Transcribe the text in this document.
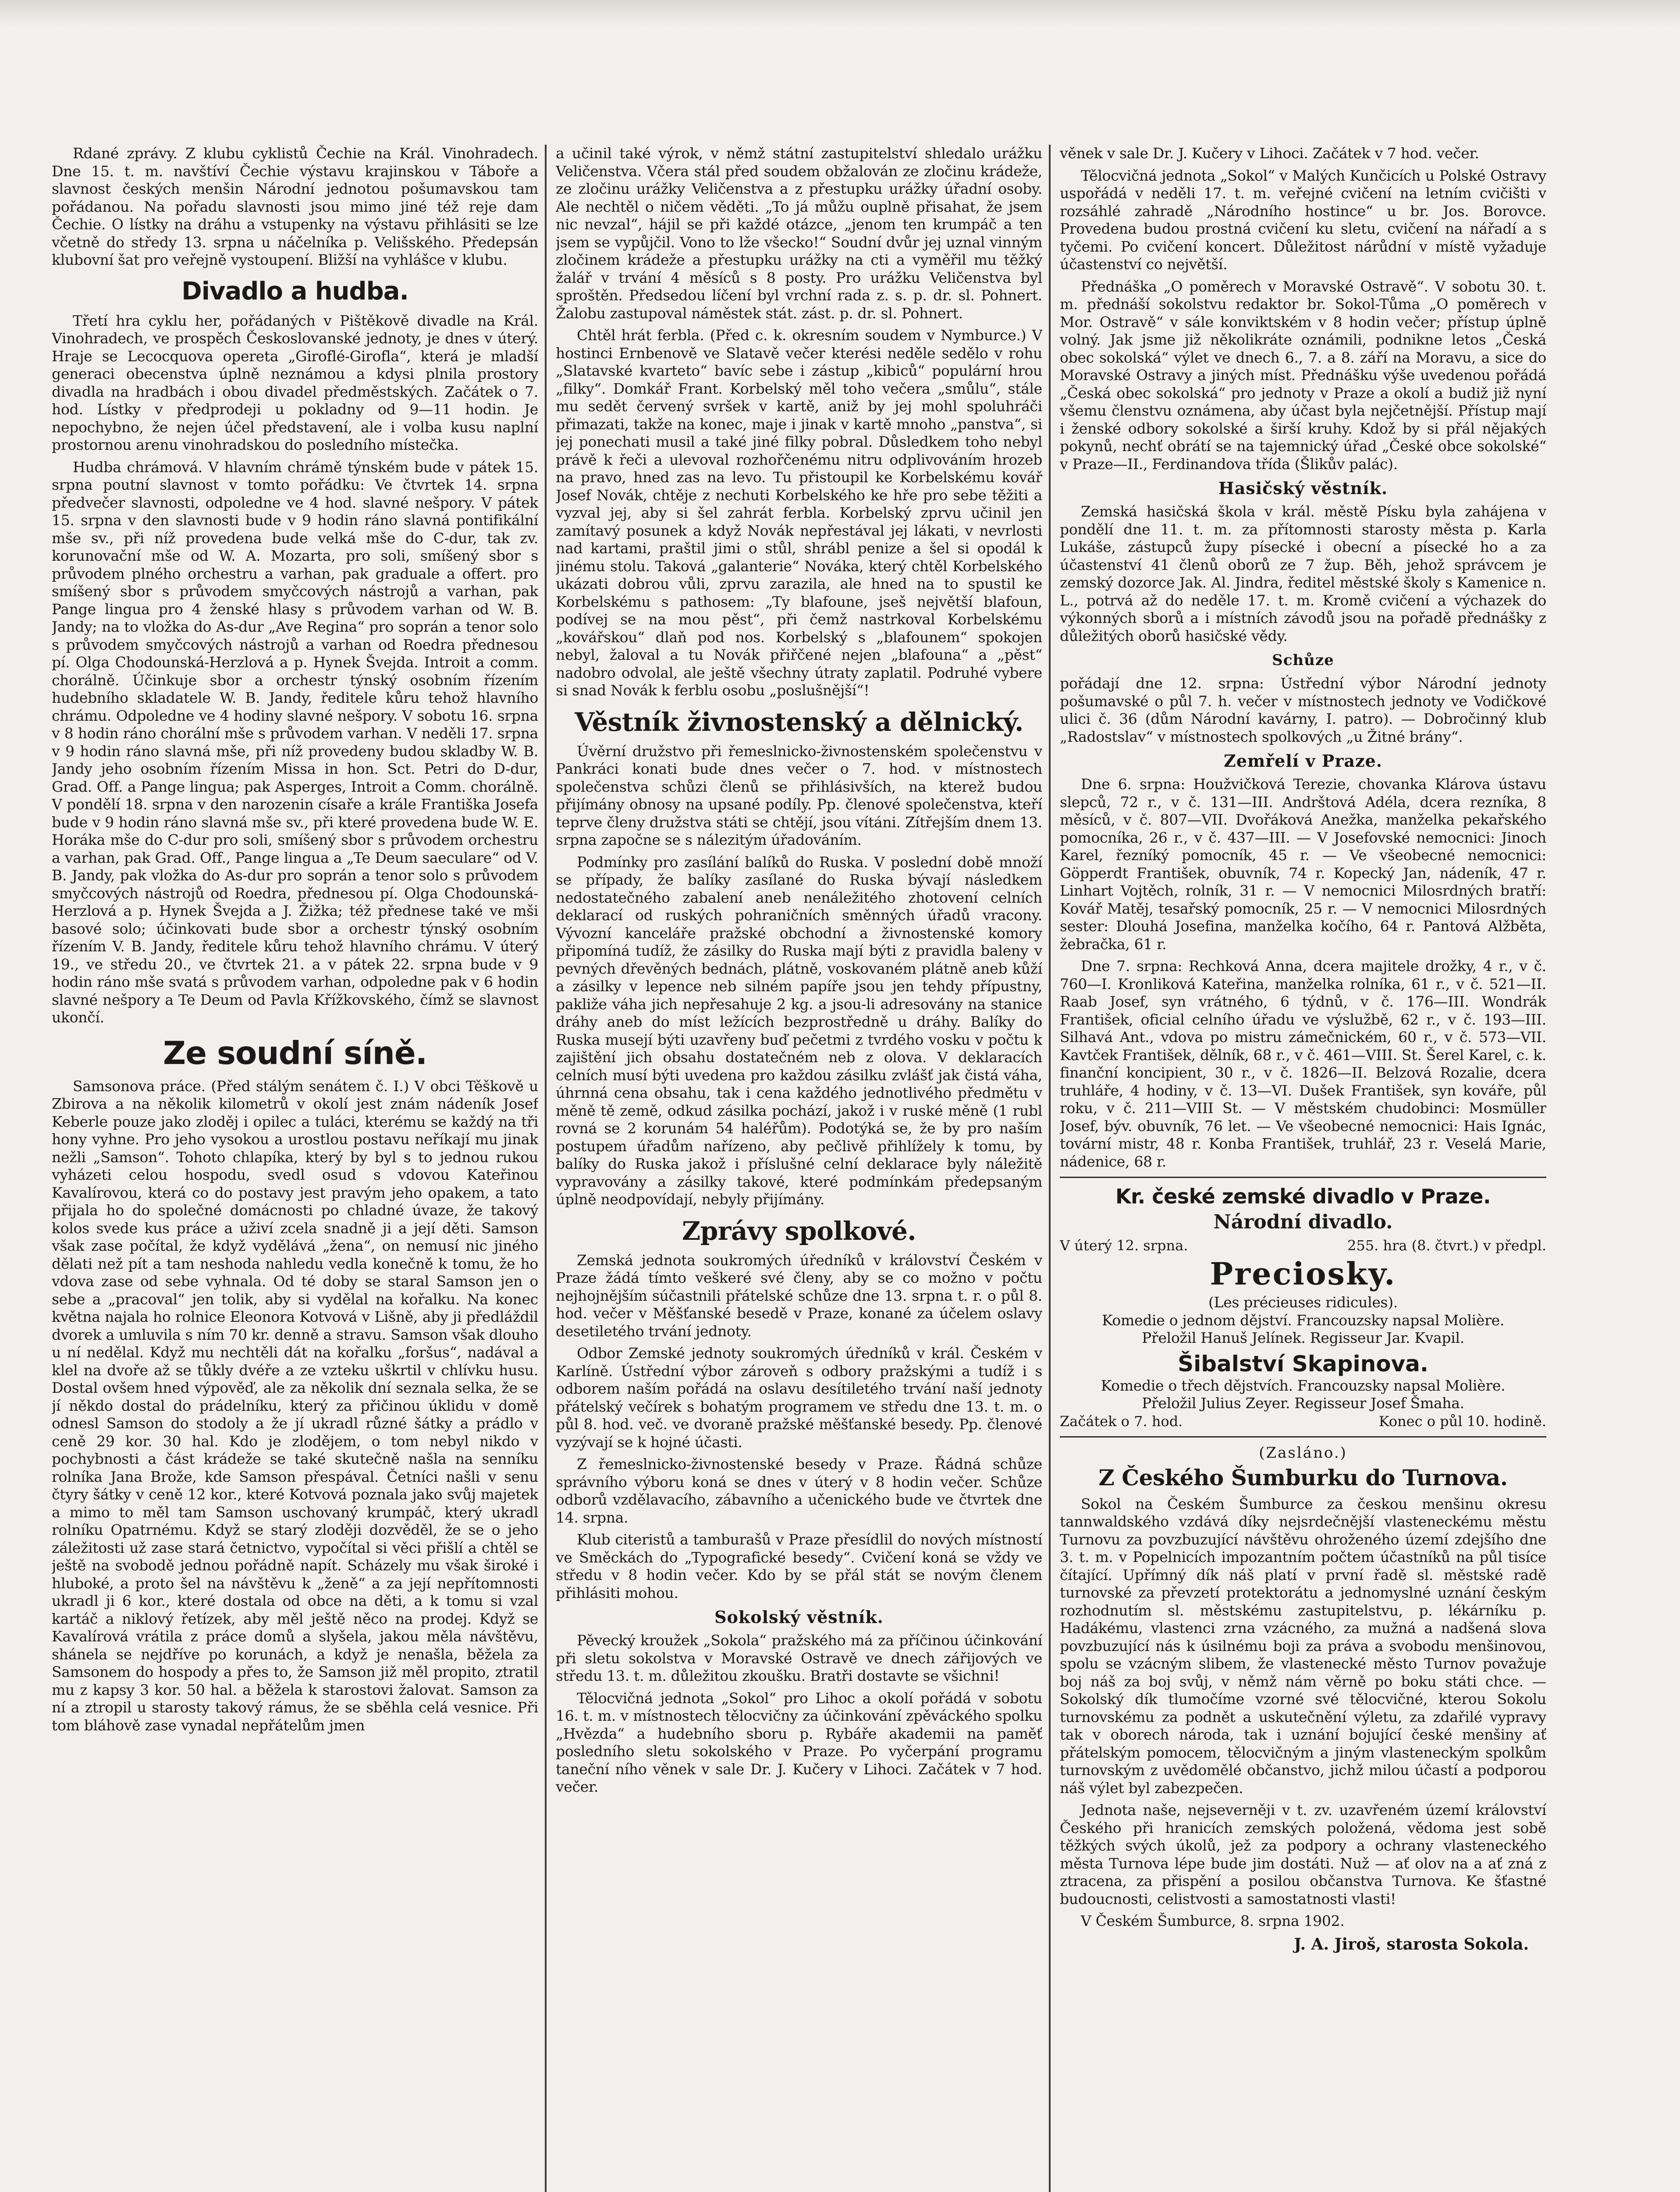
Rdané zprávy. Z klubu cyklistů Čechie na Král. Vinohradech. Dne 15. t. m. navštíví Čechie výstavu krajinskou v Táboře a slavnost českých menšin Národní jednotou pošumavskou tam pořádanou. Na pořadu slavnosti jsou mimo jiné též reje dam Čechie. O lístky na dráhu a vstupenky na výstavu přihlásiti se lze včetně do středy 13. srpna u náčelníka p. Velišského. Předepsán klubovní šat pro veřejně vystoupení. Bližší na vyhlášce v klubu.

Divadlo a hudba.

Třetí hra cyklu her, pořádaných v Pištěkově divadle na Král. Vinohradech, ve prospěch Českoslovanské jednoty, je dnes v úterý. Hraje se Lecocquova opereta „Giroflé-Girofla“, která je mladší generaci obecenstva úplně neznámou a kdysi plnila prostory divadla na hradbách i obou divadel předměstských. Začátek o 7. hod. Lístky v předprodeji u pokladny od 9—11 hodin. Je nepochybno, že nejen účel představení, ale i volba kusu naplní prostornou arenu vinohradskou do posledního místečka.

Hudba chrámová. V hlavním chrámě týnském bude v pátek 15. srpna poutní slavnost v tomto pořádku: Ve čtvrtek 14. srpna předvečer slavnosti, odpoledne ve 4 hod. slavné nešpory. V pátek 15. srpna v den slavnosti bude v 9 hodin ráno slavná pontifikální mše sv., při níž provedena bude velká mše do C-dur, tak zv. korunovační mše od W. A. Mozarta, pro soli, smíšený sbor s průvodem plného orchestru a varhan, pak graduale a offert. pro smíšený sbor s průvodem smyčcových nástrojů a varhan, pak Pange lingua pro 4 ženské hlasy s průvodem varhan od W. B. Jandy; na to vložka do As-dur „Ave Regina“ pro soprán a tenor solo s průvodem smyčcových nástrojů a varhan od Roedra přednesou pí. Olga Chodounská-Herzlová a p. Hynek Švejda. Introit a comm. chorálně. Účinkuje sbor a orchestr týnský osobním řízením hudebního skladatele W. B. Jandy, ředitele kůru tehož hlavního chrámu. Odpoledne ve 4 hodiny slavné nešpory. V sobotu 16. srpna v 8 hodin ráno chorální mše s průvodem varhan. V neděli 17. srpna v 9 hodin ráno slavná mše, při níž provedeny budou skladby W. B. Jandy jeho osobním řízením Missa in hon. Sct. Petri do D-dur, Grad. Off. a Pange lingua; pak Asperges, Introit a Comm. chorálně. V pondělí 18. srpna v den narozenin císaře a krále Františka Josefa bude v 9 hodin ráno slavná mše sv., při které provedena bude W. E. Horáka mše do C-dur pro soli, smíšený sbor s průvodem orchestru a varhan, pak Grad. Off., Pange lingua a „Te Deum saeculare“ od V. B. Jandy, pak vložka do As-dur pro soprán a tenor solo s průvodem smyčcových nástrojů od Roedra, přednesou pí. Olga Chodounská-Herzlová a p. Hynek Švejda a J. Žižka; též přednese také ve mši basové solo; účinkovati bude sbor a orchestr týnský osobním řízením V. B. Jandy, ředitele kůru tehož hlavního chrámu. V úterý 19., ve středu 20., ve čtvrtek 21. a v pátek 22. srpna bude v 9 hodin ráno mše svatá s průvodem varhan, odpoledne pak v 6 hodin slavné nešpory a Te Deum od Pavla Křížkovského, čímž se slavnost ukončí.

Ze soudní síně.

Samsonova práce. (Před stálým senátem č. I.) V obci Těškově u Zbirova a na několik kilometrů v okolí jest znám nádeník Josef Keberle pouze jako zloděj i opilec a tuláci, kterému se každý na tři hony vyhne. Pro jeho vysokou a urostlou postavu neříkají mu jinak nežli „Samson“. Tohoto chlapíka, který by byl s to jednou rukou vyházeti celou hospodu, svedl osud s vdovou Kateřinou Kavalírovou, která co do postavy jest pravým jeho opakem, a tato přijala ho do společné domácnosti po chladné úvaze, že takový kolos svede kus práce a uživí zcela snadně ji a její děti. Samson však zase počítal, že když vydělává „žena“, on nemusí nic jiného dělati než pít a tam neshoda nahledu vedla konečně k tomu, že ho vdova zase od sebe vyhnala. Od té doby se staral Samson jen o sebe a „pracoval“ jen tolik, aby si vydělal na kořalku. Na konec května najala ho rolnice Eleonora Kotvová v Lišně, aby ji předláždil dvorek a umluvila s ním 70 kr. denně a stravu. Samson však dlouho u ní nedělal. Když mu nechtěli dát na kořalku „foršus“, nadával a klel na dvoře až se tůkly dvéře a ze vzteku uškrtil v chlívku husu. Dostal ovšem hned výpověď, ale za několik dní seznala selka, že se jí někdo dostal do prádelníku, který za přičinou úklidu v domě odnesl Samson do stodoly a že jí ukradl různé šátky a prádlo v ceně 29 kor. 30 hal. Kdo je zlodějem, o tom nebyl nikdo v pochybnosti a část krádeže se také skutečně našla na senníku rolníka Jana Brože, kde Samson přespával. Četníci našli v senu čtyry šátky v ceně 12 kor., které Kotvová poznala jako svůj majetek a mimo to měl tam Samson uschovaný krumpáč, který ukradl rolníku Opatrnému. Když se starý zloději dozvěděl, že se o jeho záležitosti už zase stará četnictvo, vypočítal si věci přišlí a chtěl se ještě na svobodě jednou pořádně napít. Scházely mu však široké i hluboké, a proto šel na návštěvu k „ženě“ a za její nepřítomnosti ukradl ji 6 kor., které dostala od obce na děti, a k tomu si vzal kartáč a niklový řetízek, aby měl ještě něco na prodej. Když se Kavalírová vrátila z práce domů a slyšela, jakou měla návštěvu, shánela se nejdříve po korunách, a když je nenašla, běžela za Samsonem do hospody a přes to, že Samson již měl propito, ztratil mu z kapsy 3 kor. 50 hal. a běžela k starostovi žalovat. Samson za ní a ztropil u starosty takový rámus, že se sběhla celá vesnice. Při tom bláhově zase vynadal nepřátelům jmen

a učinil také výrok, v němž státní zastupitelství shledalo urážku Veličenstva. Včera stál před soudem obžalován ze zločinu krádeže, ze zločinu urážky Veličenstva a z přestupku urážky úřadní osoby. Ale nechtěl o ničem věděti. „To já můžu ouplně přisahat, že jsem nic nevzal“, hájil se při každé otázce, „jenom ten krumpáč a ten jsem se vypůjčil. Vono to lže všecko!“ Soudní dvůr jej uznal vinným zločinem krádeže a přestupku urážky na cti a vyměřil mu těžký žalář v trvání 4 měsíců s 8 posty. Pro urážku Veličenstva byl sproštěn. Předsedou líčení byl vrchní rada z. s. p. dr. sl. Pohnert. Žalobu zastupoval náměstek stát. zást. p. dr. sl. Pohnert.

Chtěl hrát ferbla. (Před c. k. okresním soudem v Nymburce.) V hostinci Ernbenově ve Slatavě večer kterési neděle sedělo v rohu „Slatavské kvarteto“ bavíc sebe i zástup „kibiců“ populární hrou „filky“. Domkář Frant. Korbelský měl toho večera „smůlu“, stále mu sedět červený svršek v kartě, aniž by jej mohl spoluhráči přimazati, takže na konec, maje i jinak v kartě mnoho „panstva“, si jej ponechati musil a také jiné filky pobral. Důsledkem toho nebyl právě k řeči a ulevoval rozhořčenému nitru odplivováním hrozeb na pravo, hned zas na levo. Tu přistoupil ke Korbelskému kovář Josef Novák, chtěje z nechuti Korbelského ke hře pro sebe těžiti a vyzval jej, aby si šel zahrát ferbla. Korbelský zprvu učinil jen zamítavý posunek a když Novák nepřestával jej lákati, v nevrlosti nad kartami, praštil jimi o stůl, shrábl penize a šel si opodál k jinému stolu. Taková „galanterie“ Nováka, který chtěl Korbelského ukázati dobrou vůli, zprvu zarazila, ale hned na to spustil ke Korbelskému s pathosem: „Ty blafoune, jseš největší blafoun, podívej se na mou pěst“, při čemž nastrkoval Korbelskému „kovářskou“ dlaň pod nos. Korbelský s „blafounem“ spokojen nebyl, žaloval a tu Novák přiřčené nejen „blafouna“ a „pěst“ nadobro odvolal, ale ještě všechny útraty zaplatil. Podruhé vybere si snad Novák k ferblu osobu „poslušnější“!

Věstník živnostenský a dělnický.

Úvěrní družstvo při řemeslnicko-živnostenském společenstvu v Pankráci konati bude dnes večer o 7. hod. v místnostech společenstva schůzi členů se přihlásivších, na kterež budou přijímány obnosy na upsané podíly. Pp. členové společenstva, kteří teprve členy družstva státi se chtějí, jsou vítáni. Zítřejším dnem 13. srpna započne se s nálezitým úřadováním.

Podmínky pro zasílání balíků do Ruska. V poslední době množí se případy, že balíky zasílané do Ruska bývají následkem nedostatečného zabalení aneb nenáležitého zhotovení celních deklarací od ruských pohraničních směnných úřadů vracony. Vývozní kanceláře pražské obchodní a živnostenské komory připomíná tudíž, že zásilky do Ruska mají býti z pravidla baleny v pevných dřevěných bednách, plátně, voskovaném plátně aneb kůží a zásilky v lepence neb silném papíře jsou jen tehdy přípustny, pakliže váha jich nepřesahuje 2 kg. a jsou-li adresovány na stanice dráhy aneb do míst ležících bezprostředně u dráhy. Balíky do Ruska musejí býti uzavřeny buď pečetmi z tvrdého vosku v počtu k zajištění jich obsahu dostatečném neb z olova. V deklaracích celních musí býti uvedena pro každou zásilku zvlášť jak čistá váha, úhrnná cena obsahu, tak i cena každého jednotlivého předmětu v měně tě země, odkud zásilka pochází, jakož i v ruské měně (1 rubl rovná se 2 korunám 54 haléřům). Podotýká se, že by pro naším postupem úřadům nařízeno, aby pečlivě přihlížely k tomu, by balíky do Ruska jakož i příslušné celní deklarace byly náležitě vypravovány a zásilky takové, které podmínkám předepsaným úplně neodpovídají, nebyly přijímány.

Zprávy spolkové.

Zemská jednota soukromých úředníků v království Českém v Praze žádá tímto veškeré své členy, aby se co možno v počtu nejhojnějším súčastnili přátelské schůze dne 13. srpna t. r. o půl 8. hod. večer v Měšťanské besedě v Praze, konané za účelem oslavy desetiletého trvání jednoty.

Odbor Zemské jednoty soukromých úředníků v král. Českém v Karlíně. Ústřední výbor zároveň s odbory pražskými a tudíž i s odborem naším pořádá na oslavu desítiletého trvání naší jednoty přátelský večírek s bohatým programem ve středu dne 13. t. m. o půl 8. hod. več. ve dvoraně pražské měšťanské besedy. Pp. členové vyzývají se k hojné účasti.

Z řemeslnicko-živnostenské besedy v Praze. Řádná schůze správního výboru koná se dnes v úterý v 8 hodin večer. Schůze odborů vzdělavacího, zábavního a učenického bude ve čtvrtek dne 14. srpna.

Klub citeristů a tamburašů v Praze přesídlil do nových místností ve Směckách do „Typografické besedy“. Cvičení koná se vždy ve středu v 8 hodin večer. Kdo by se přál stát se novým členem přihlásiti mohou.

Sokolský věstník.

Pěvecký kroužek „Sokola“ pražského má za příčinou účinkování při sletu sokolstva v Moravské Ostravě ve dnech zářijových ve středu 13. t. m. důležitou zkoušku. Bratři dostavte se všichni!

Tělocvičná jednota „Sokol“ pro Lihoc a okolí pořádá v sobotu 16. t. m. v místnostech tělocvičny za účinkování zpěváckého spolku „Hvězda“ a hudebního sboru p. Rybáře akademii na paměť posledního sletu sokolského v Praze. Po vyčerpání programu taneční ního věnek v sale Dr. J. Kučery v Lihoci. Začátek v 7 hod. večer.

věnek v sale Dr. J. Kučery v Lihoci. Začátek v 7 hod. večer.

Tělocvičná jednota „Sokol“ v Malých Kunčicích u Polské Ostravy uspořádá v neděli 17. t. m. veřejné cvičení na letním cvičišti v rozsáhlé zahradě „Národního hostince“ u br. Jos. Borovce. Provedena budou prostná cvičení ku sletu, cvičení na nářadí a s tyčemi. Po cvičení koncert. Důležitost nárůdní v místě vyžaduje účastenství co největší.

Přednáška „O poměrech v Moravské Ostravě“. V sobotu 30. t. m. přednáší sokolstvu redaktor br. Sokol-Tůma „O poměrech v Mor. Ostravě“ v sále konviktském v 8 hodin večer; přístup úplně volný. Jak jsme již několikráte oznámili, podnikne letos „Česká obec sokolská“ výlet ve dnech 6., 7. a 8. září na Moravu, a sice do Moravské Ostravy a jiných míst. Přednášku výše uvedenou pořádá „Česká obec sokolská“ pro jednoty v Praze a okolí a budiž již nyní všemu členstvu oznámena, aby účast byla nejčetnější. Přístup mají i ženské odbory sokolské a širší kruhy. Kdož by si přál nějakých pokynů, nechť obrátí se na tajemnický úřad „České obce sokolské“ v Praze—II., Ferdinandova třída (Šlikův palác).

Hasičský věstník.

Zemská hasičská škola v král. městě Písku byla zahájena v pondělí dne 11. t. m. za přítomnosti starosty města p. Karla Lukáše, zástupců župy písecké i obecní a písecké ho a za účastenství 41 členů oborů ze 7 žup. Běh, jehož správcem je zemský dozorce Jak. Al. Jindra, ředitel městské školy s Kamenice n. L., potrvá až do neděle 17. t. m. Kromě cvičení a výchazek do výkonných sborů a i místních závodů jsou na pořadě přednášky z důležitých oborů hasičské vědy.

Schůze

pořádají dne 12. srpna: Ústřední výbor Národní jednoty pošumavské o půl 7. h. večer v místnostech jednoty ve Vodičkové ulici č. 36 (dům Národní kavárny, I. patro). — Dobročinný klub „Radostslav“ v místnostech spolkových „u Žitné brány“.

Zemřelí v Praze.

Dne 6. srpna: Houžvičková Terezie, chovanka Klárova ústavu slepců, 72 r., v č. 131—III. Andrštová Adéla, dcera rezníka, 8 měsíců, v č. 807—VII. Dvořáková Anežka, manželka pekařského pomocníka, 26 r., v č. 437—III. — V Josefovské nemocnici: Jinoch Karel, řezníký pomocník, 45 r. — Ve všeobecné nemocnici: Göpperdt František, obuvník, 74 r. Kopecký Jan, nádeník, 47 r. Linhart Vojtěch, rolník, 31 r. — V nemocnici Milosrdných bratří: Kovář Matěj, tesařský pomocník, 25 r. — V nemocnici Milosrdných sester: Dlouhá Josefina, manželka kočího, 64 r. Pantová Alžběta, žebračka, 61 r.

Dne 7. srpna: Rechková Anna, dcera majitele drožky, 4 r., v č. 760—I. Kronliková Kateřina, manželka rolníka, 61 r., v č. 521—II. Raab Josef, syn vrátného, 6 týdnů, v č. 176—III. Wondrák František, oficial celního úřadu ve výslužbě, 62 r., v č. 193—III. Silhavá Ant., vdova po mistru zámečnickém, 60 r., v č. 573—VII. Kavtček František, dělník, 68 r., v č. 461—VIII. St. Šerel Karel, c. k. finanční koncipient, 30 r., v č. 1826—II. Belzová Rozalie, dcera truhláře, 4 hodiny, v č. 13—VI. Dušek František, syn kováře, půl roku, v č. 211—VIII St. — V městském chudobinci: Mosmüller Josef, býv. obuvník, 76 let. — Ve všeobecné nemocnici: Hais Ignác, tovární mistr, 48 r. Konba František, truhlář, 23 r. Veselá Marie, nádenice, 68 r.

Kr. české zemské divadlo v Praze.
Národní divadlo.
V úterý 12. srpna.	255. hra (8. čtvrt.) v předpl.
Preciosky.

(Les précieuses ridicules).

Komedie o jednom dějství. Francouzsky napsal Molière.

Přeložil Hanuš Jelínek. Regisseur Jar. Kvapil.

Šibalství Skapinova.

Komedie o třech dějstvích. Francouzsky napsal Molière.

Přeložil Julius Zeyer. Regisseur Josef Šmaha.

Začátek o 7. hod.	Konec o půl 10. hodině.
(Zasláno.)
Z Českého Šumburku do Turnova.

Sokol na Českém Šumburce za českou menšinu okresu tannwaldského vzdává díky nejsrdečnější vlasteneckému městu Turnovu za povzbuzující návštěvu ohroženého území zdejšího dne 3. t. m. v Popelnicích impozantním počtem účastníků na půl tisíce čítající. Upřímný dík náš platí v první řadě sl. městské radě turnovské za převzetí protektorátu a jednomyslné uznání českým rozhodnutím sl. městskému zastupitelstvu, p. lékárníku p. Hadákému, vlastenci zrna vzácného, za mužná a nadšená slova povzbuzující nás k úsilnému boji za práva a svobodu menšinovou, spolu se vzácným slibem, že vlastenecké město Turnov považuje boj náš za boj svůj, v němž nám věrně po boku státi chce. — Sokolský dík tlumočíme vzorné své tělocvičné, kterou Sokolu turnovskému za podnět a uskutečnění výletu, za zdařilé vypravy tak v oborech národa, tak i uznání bojující české menšiny ať přátelským pomocem, tělocvičným a jiným vlasteneckým spolkům turnovským z uvědomělé občanstvo, jichž milou účastí a podporou náš výlet byl zabezpečen.

Jednota naše, nejseverněji v t. zv. uzavřeném území království Českého při hranicích zemských položená, vědoma jest sobě těžkých svých úkolů, jež za podpory a ochrany vlasteneckého města Turnova lépe bude jim dostáti. Nuž — ať olov na a ať zná z ztracena, za přispění a posilou občanstva Turnova. Ke šťastné budoucnosti, celistvosti a samostatnosti vlasti!

V Českém Šumburce, 8. srpna 1902.

J. A. Jiroš, starosta Sokola.
